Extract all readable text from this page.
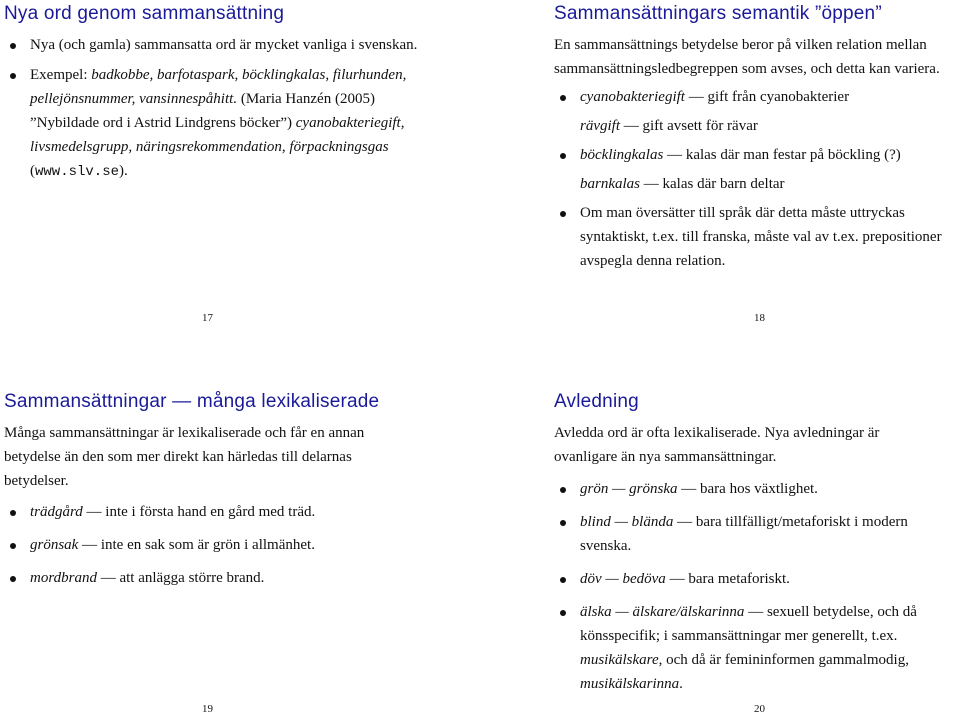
Nya ord genom sammansättning
Nya (och gamla) sammansatta ord är mycket vanliga i svenskan.
Exempel: badkobbe, barfotaspark, böcklingkalas, filurhunden, pellejönsnummer, vansinnespåhitt. (Maria Hanzén (2005) ”Nybildade ord i Astrid Lindgrens böcker”) cyanobakteriegift, livsmedelsgrupp, näringsrekommendation, förpackningsgas (www.slv.se).
17
Sammansättningars semantik ”öppen”

En sammansättnings betydelse beror på vilken relation mellan sammansättningsledbegreppen som avses, och detta kan variera.

cyanobakteriegift — gift från cyanobakterier
rävgift — gift avsett för rävar
böcklingkalas — kalas där man festar på böckling (?)
barnkalas — kalas där barn deltar
Om man översätter till språk där detta måste uttryckas syntaktiskt, t.ex. till franska, måste val av t.ex. prepositioner avspegla denna relation.
18
Sammansättningar — många lexikaliserade

Många sammansättningar är lexikaliserade och får en annan betydelse än den som mer direkt kan härledas till delarnas betydelser.

trädgård — inte i första hand en gård med träd.
grönsak — inte en sak som är grön i allmänhet.
mordbrand — att anlägga större brand.
19
Avledning

Avledda ord är ofta lexikaliserade. Nya avledningar är ovanligare än nya sammansättningar.

grön — grönska — bara hos växtlighet.
blind — blända — bara tillfälligt/metaforiskt i modern svenska.
döv — bedöva — bara metaforiskt.
älska — älskare/älskarinna — sexuell betydelse, och då könsspecifik; i sammansättningar mer generellt, t.ex. musikälskare, och då är femininformen gammalmodig, musikälskarinna.
20
